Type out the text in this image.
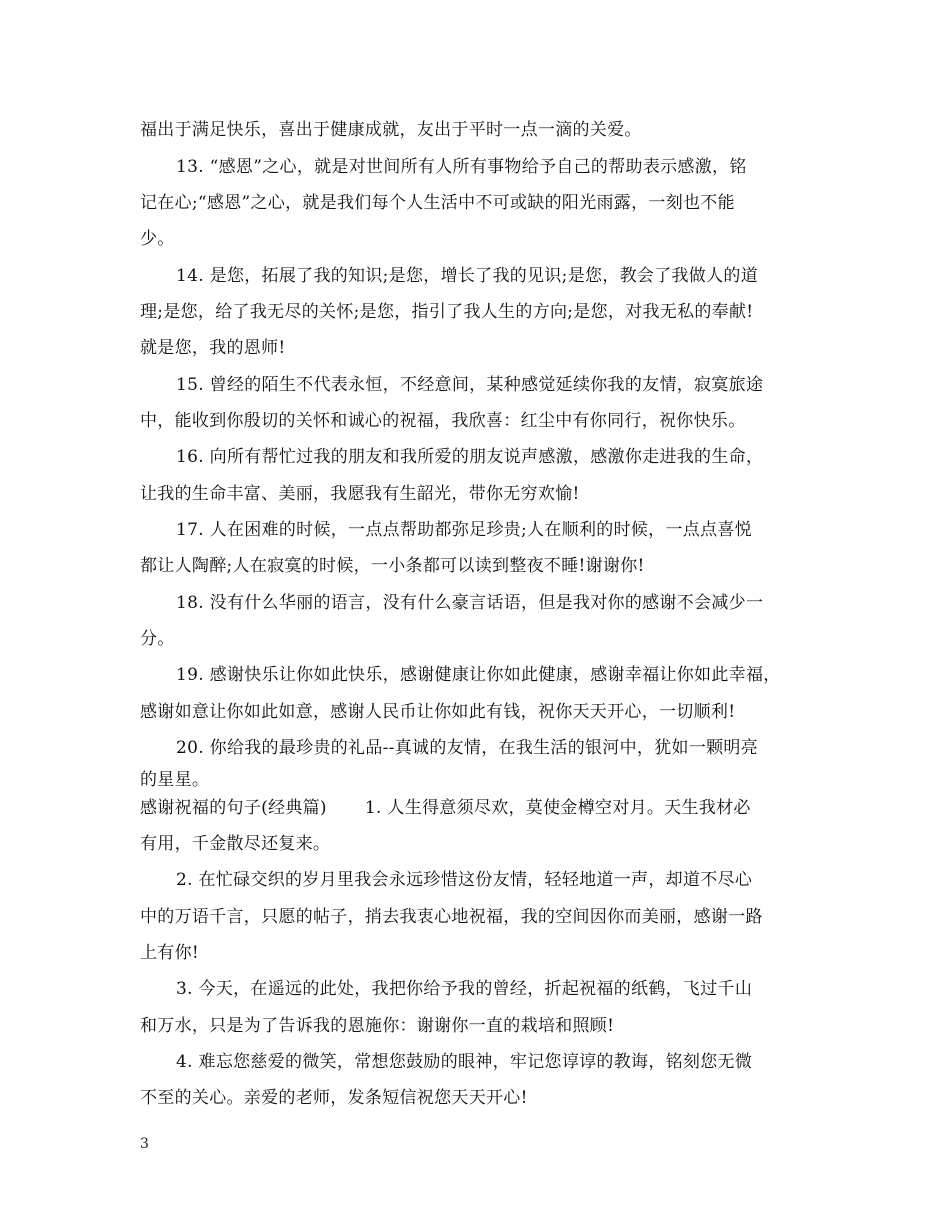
福出于满足快乐，喜出于健康成就，友出于平时一点一滴的关爱。
13. “感恩”之心，就是对世间所有人所有事物给予自己的帮助表示感激，铭
记在心;“感恩”之心，就是我们每个人生活中不可或缺的阳光雨露，一刻也不能
少。
14. 是您，拓展了我的知识;是您，增长了我的见识;是您，教会了我做人的道
理;是您，给了我无尽的关怀;是您，指引了我人生的方向;是您，对我无私的奉献!
就是您，我的恩师!
15. 曾经的陌生不代表永恒，不经意间，某种感觉延续你我的友情，寂寞旅途
中，能收到你殷切的关怀和诚心的祝福，我欣喜：红尘中有你同行，祝你快乐。
16. 向所有帮忙过我的朋友和我所爱的朋友说声感激，感激你走进我的生命，
让我的生命丰富、美丽，我愿我有生韶光，带你无穷欢愉!
17. 人在困难的时候，一点点帮助都弥足珍贵;人在顺利的时候，一点点喜悦
都让人陶醉;人在寂寞的时候，一小条都可以读到整夜不睡!谢谢你!
18. 没有什么华丽的语言，没有什么豪言话语，但是我对你的感谢不会减少一
分。
19. 感谢快乐让你如此快乐，感谢健康让你如此健康，感谢幸福让你如此幸福，
感谢如意让你如此如意，感谢人民币让你如此有钱，祝你天天开心，一切顺利!
20. 你给我的最珍贵的礼品--真诚的友情，在我生活的银河中，犹如一颗明亮
的星星。
感谢祝福的句子(经典篇) 1. 人生得意须尽欢，莫使金樽空对月。天生我材必
有用，千金散尽还复来。
2. 在忙碌交织的岁月里我会永远珍惜这份友情，轻轻地道一声，却道不尽心
中的万语千言，只愿的帖子，捎去我衷心地祝福，我的空间因你而美丽，感谢一路
上有你!
3. 今天，在遥远的此处，我把你给予我的曾经，折起祝福的纸鹤，飞过千山
和万水，只是为了告诉我的恩施你：谢谢你一直的栽培和照顾!
4. 难忘您慈爱的微笑，常想您鼓励的眼神，牢记您谆谆的教诲，铭刻您无微
不至的关心。亲爱的老师，发条短信祝您天天开心!
3
